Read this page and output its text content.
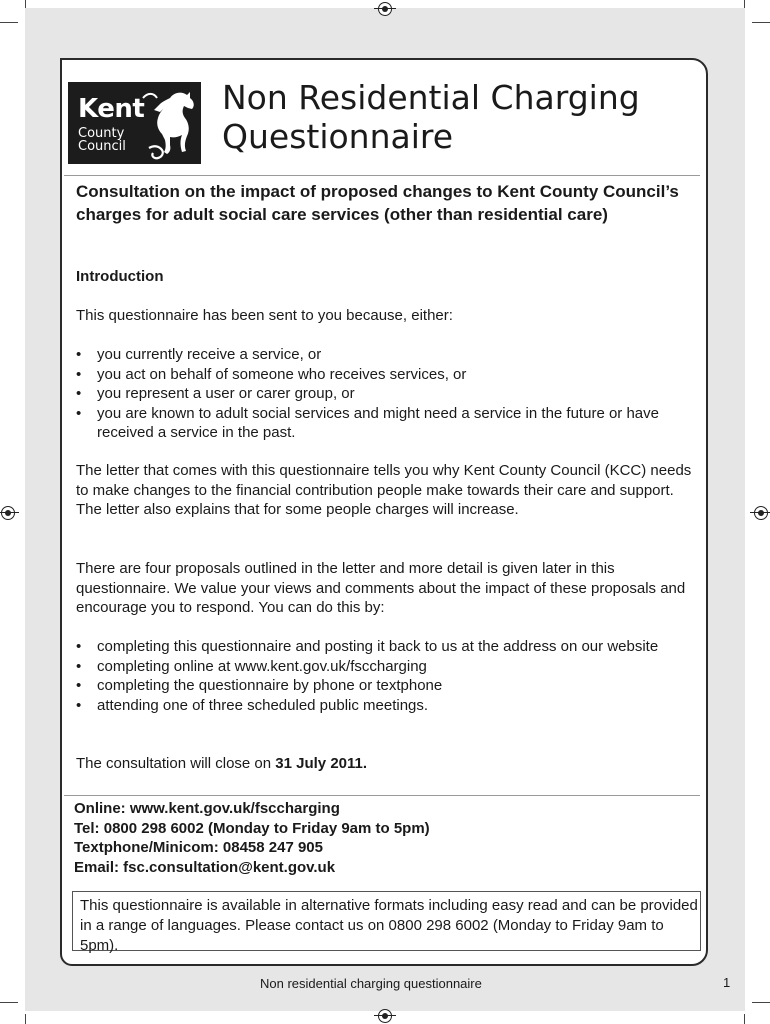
Kent
County
Council
Non Residential Charging Questionnaire
Consultation on the impact of proposed changes to Kent County Council’s charges for adult social care services (other than residential care)
Introduction
This questionnaire has been sent to you because, either:
• you currently receive a service, or
• you act on behalf of someone who receives services, or
• you represent a user or carer group, or
• you are known to adult social services and might need a service in the future or have received a service in the past.
The letter that comes with this questionnaire tells you why Kent County Council (KCC) needs to make changes to the financial contribution people make towards their care and support. The letter also explains that for some people charges will increase.
There are four proposals outlined in the letter and more detail is given later in this questionnaire. We value your views and comments about the impact of these proposals and encourage you to respond. You can do this by:
• completing this questionnaire and posting it back to us at the address on our website
• completing online at www.kent.gov.uk/fsccharging
• completing the questionnaire by phone or textphone
• attending one of three scheduled public meetings.
The consultation will close on 31 July 2011.
Online: www.kent.gov.uk/fsccharging
Tel: 0800 298 6002 (Monday to Friday 9am to 5pm)
Textphone/Minicom: 08458 247 905
Email: fsc.consultation@kent.gov.uk
This questionnaire is available in alternative formats including easy read and can be provided in a range of languages. Please contact us on 0800 298 6002 (Monday to Friday 9am to 5pm).
Non residential charging questionnaire	1
